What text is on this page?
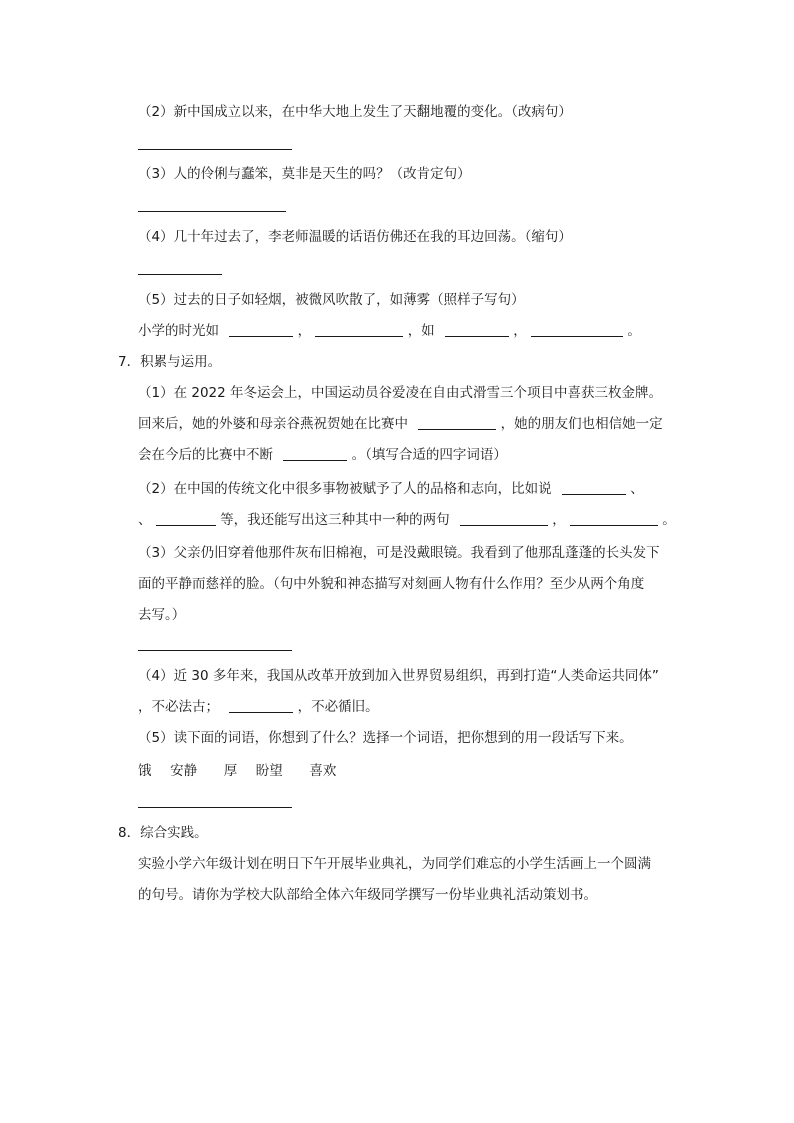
（2）新中国成立以来，在中华大地上发生了天翻地覆的变化。（改病句）
（3）人的伶俐与蠢笨，莫非是天生的吗？（改肯定句）
（4）几十年过去了，李老师温暖的话语仿佛还在我的耳边回荡。（缩句）
（5）过去的日子如轻烟，被微风吹散了，如薄雾（照样子写句）
小学的时光如	，	，如	，	。
7．积累与运用。
（1）在 2022 年冬运会上，中国运动员谷爱凌在自由式滑雪三个项目中喜获三枚金牌。
回来后，她的外婆和母亲谷燕祝贺她在比赛中	，她的朋友们也相信她一定
会在今后的比赛中不断	。（填写合适的四字词语）
（2）在中国的传统文化中很多事物被赋予了人的品格和志向，比如说	、
、	等，我还能写出这三种其中一种的两句	，	。
（3）父亲仍旧穿着他那件灰布旧棉袍，可是没戴眼镜。我看到了他那乱蓬蓬的长头发下
面的平静而慈祥的脸。（句中外貌和神态描写对刻画人物有什么作用？至少从两个角度
去写。）
（4）近 30 多年来，我国从改革开放到加入世界贸易组织，再到打造“人类命运共同体”
，不必法古；	，不必循旧。
（5）读下面的词语，你想到了什么？选择一个词语，把你想到的用一段话写下来。
饿 安静 厚 盼望 喜欢
8．综合实践。
实验小学六年级计划在明日下午开展毕业典礼，为同学们难忘的小学生活画上一个圆满
的句号。请你为学校大队部给全体六年级同学撰写一份毕业典礼活动策划书。
